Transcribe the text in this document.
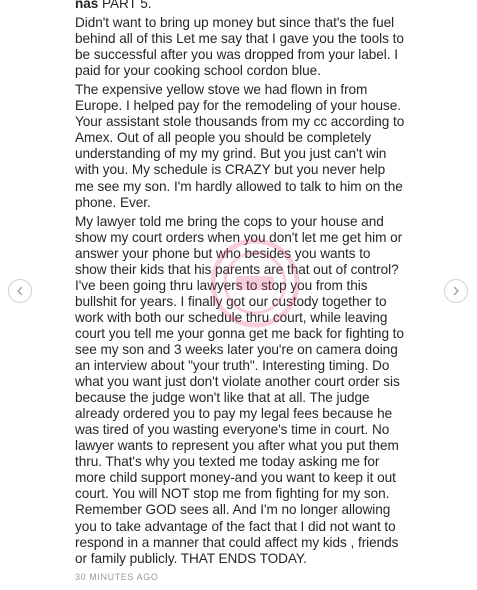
nas PART 5.

Didn't want to bring up money but since that's the fuel behind all of this Let me say that I gave you the tools to be successful after you was dropped from your label. I paid for your cooking school cordon blue.

The expensive yellow stove we had flown in from Europe. I helped pay for the remodeling of your house. Your assistant stole thousands from my cc according to Amex. Out of all people you should be completely understanding of my my grind. But you just can't win with you. My schedule is CRAZY but you never help me see my son. I'm hardly allowed to talk to him on the phone. Ever.

My lawyer told me bring the cops to your house and show my court orders when you don't let me get him or answer your phone but who besides you wants to show their kids that his parents are that out of control? I've been going thru lawyers to stop you from this bullshit for years. I finally got our custody together to work with both our schedule thru court, while leaving court you tell me your gonna get me back for fighting to see my son and 3 weeks later you're on camera doing an interview about "your truth". Interesting timing. Do what you want just don't violate another court order sis because the judge won't like that at all. The judge already ordered you to pay my legal fees because he was tired of you wasting everyone's time in court. No lawyer wants to represent you after what you put them thru. That's why you texted me today asking me for more child support money-and you want to keep it out court. You will NOT stop me from fighting for my son. Remember GOD sees all. And I'm no longer allowing you to take advantage of the fact that I did not want to respond in a manner that could affect my kids , friends or family publicly. THAT ENDS TODAY.

30 MINUTES AGO
